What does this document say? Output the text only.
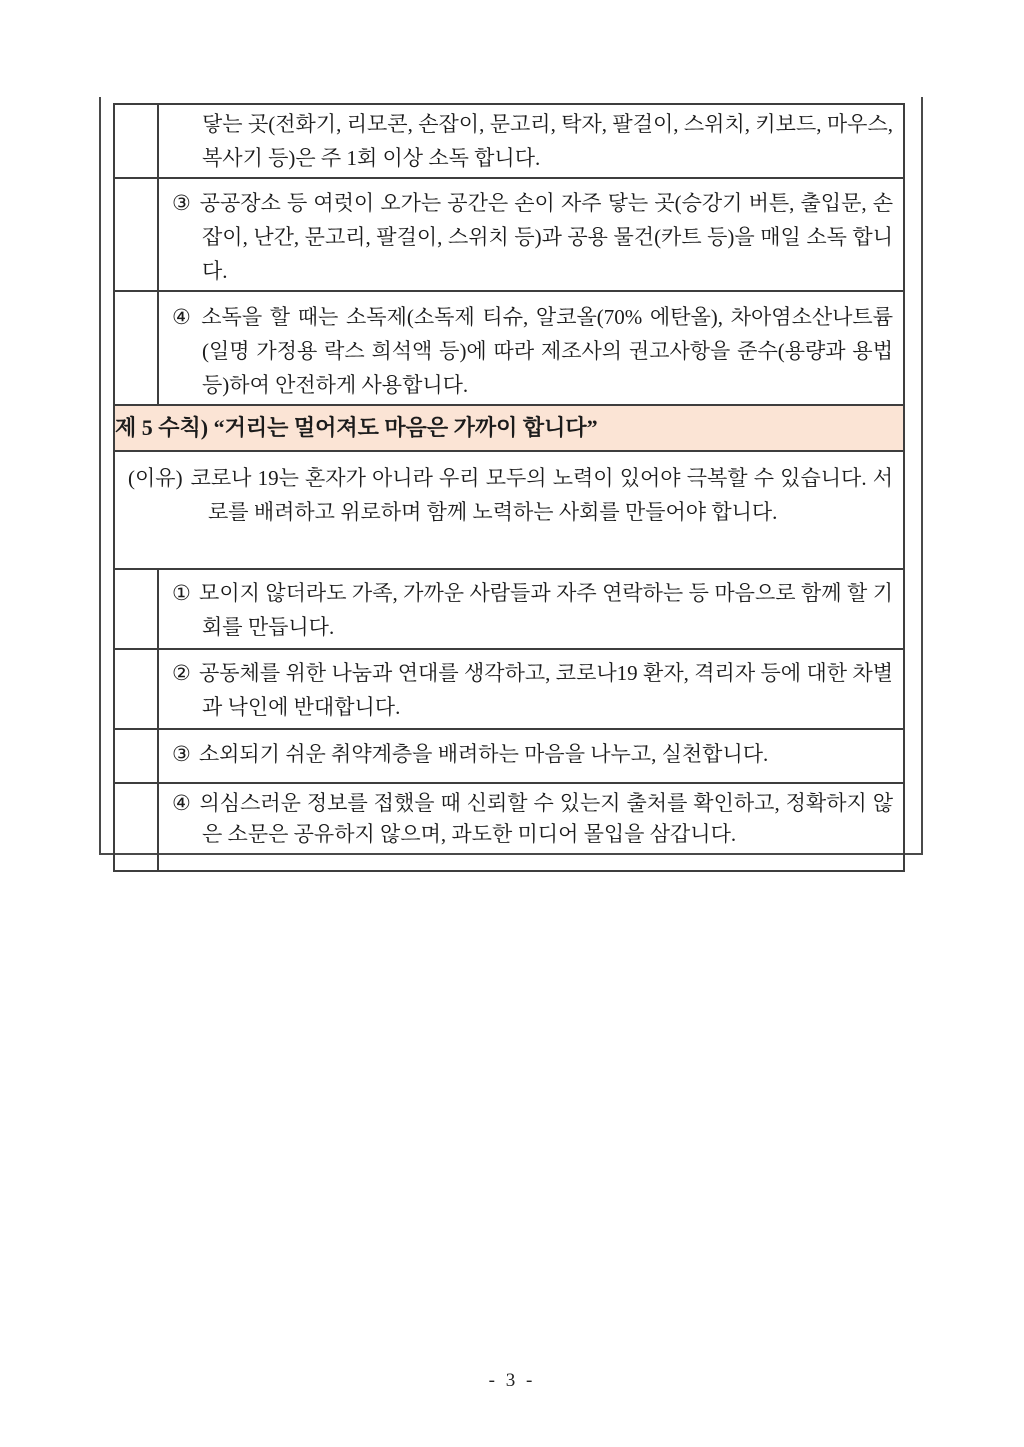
	닿는 곳(전화기, 리모콘, 손잡이, 문고리, 탁자, 팔걸이, 스위치, 키보드, 마우스, 복사기 등)은 주 1회 이상 소독 합니다.

	③ 공공장소 등 여럿이 오가는 공간은 손이 자주 닿는 곳(승강기 버튼, 출입문, 손잡이, 난간, 문고리, 팔걸이, 스위치 등)과 공용 물건(카트 등)을 매일 소독 합니다.

	④ 소독을 할 때는 소독제(소독제 티슈, 알코올(70% 에탄올), 차아염소산나트륨(일명 가정용 락스 희석액 등)에 따라 제조사의 권고사항을 준수(용량과 용법 등)하여 안전하게 사용합니다.

제 5 수칙) “거리는 멀어져도 마음은 가까이 합니다”	

(이유) 코로나 19는 혼자가 아니라 우리 모두의 노력이 있어야 극복할 수 있습니다. 서로를 배려하고 위로하며 함께 노력하는 사회를 만들어야 합니다.	

	① 모이지 않더라도 가족, 가까운 사람들과 자주 연락하는 등 마음으로 함께 할 기회를 만듭니다.

	② 공동체를 위한 나눔과 연대를 생각하고, 코로나19 환자, 격리자 등에 대한 차별과 낙인에 반대합니다.

	③ 소외되기 쉬운 취약계층을 배려하는 마음을 나누고, 실천합니다.

	④ 의심스러운 정보를 접했을 때 신뢰할 수 있는지 출처를 확인하고, 정확하지 않은 소문은 공유하지 않으며, 과도한 미디어 몰입을 삼갑니다.
- 3 -
